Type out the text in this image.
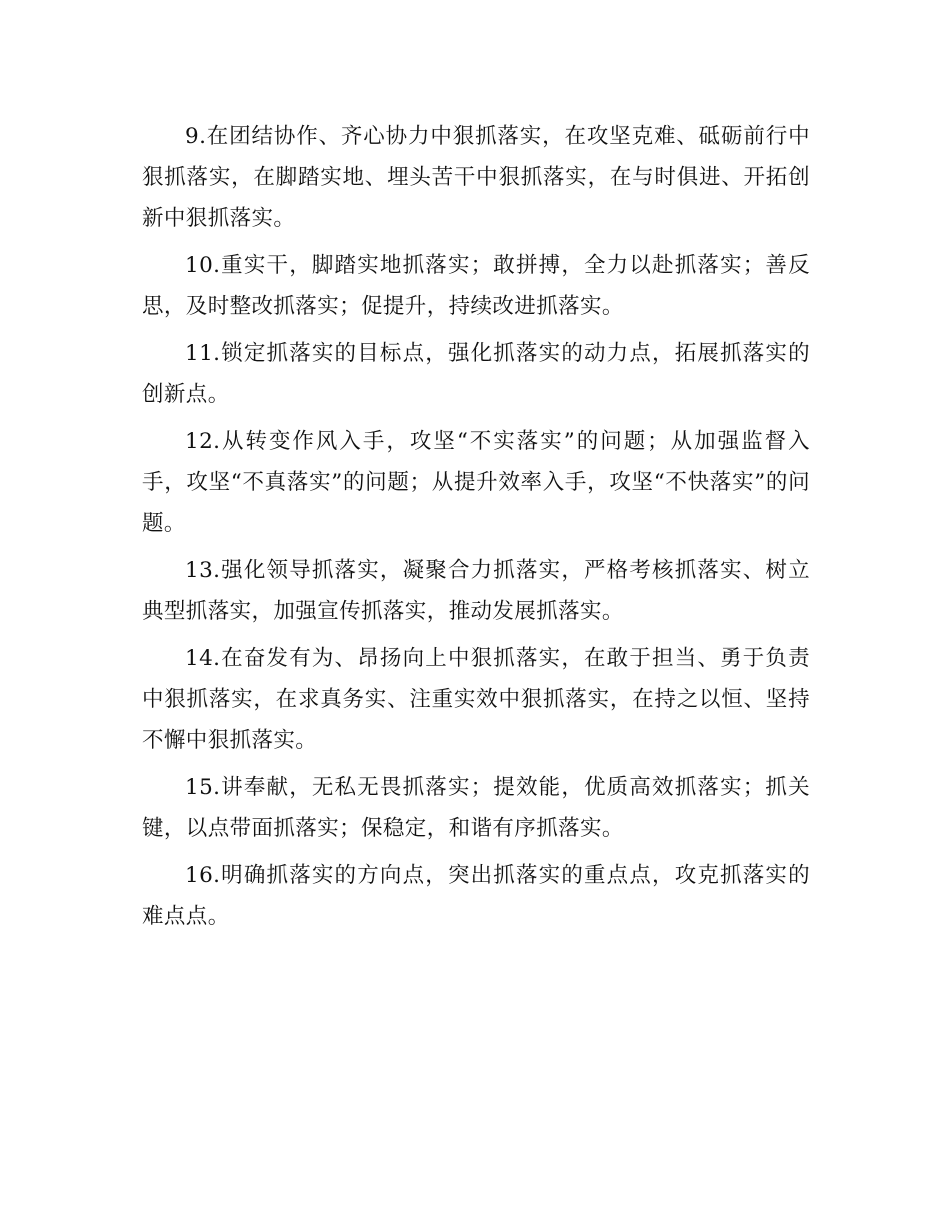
9.在团结协作、齐心协力中狠抓落实，在攻坚克难、砥砺前行中狠抓落实，在脚踏实地、埋头苦干中狠抓落实，在与时俱进、开拓创新中狠抓落实。

10.重实干，脚踏实地抓落实；敢拼搏，全力以赴抓落实；善反思，及时整改抓落实；促提升，持续改进抓落实。

11.锁定抓落实的目标点，强化抓落实的动力点，拓展抓落实的创新点。

12.从转变作风入手，攻坚“不实落实”的问题；从加强监督入手，攻坚“不真落实”的问题；从提升效率入手，攻坚“不快落实”的问题。

13.强化领导抓落实，凝聚合力抓落实，严格考核抓落实、树立典型抓落实，加强宣传抓落实，推动发展抓落实。

14.在奋发有为、昂扬向上中狠抓落实，在敢于担当、勇于负责中狠抓落实，在求真务实、注重实效中狠抓落实，在持之以恒、坚持不懈中狠抓落实。

15.讲奉献，无私无畏抓落实；提效能，优质高效抓落实；抓关键，以点带面抓落实；保稳定，和谐有序抓落实。

16.明确抓落实的方向点，突出抓落实的重点点，攻克抓落实的难点点。
